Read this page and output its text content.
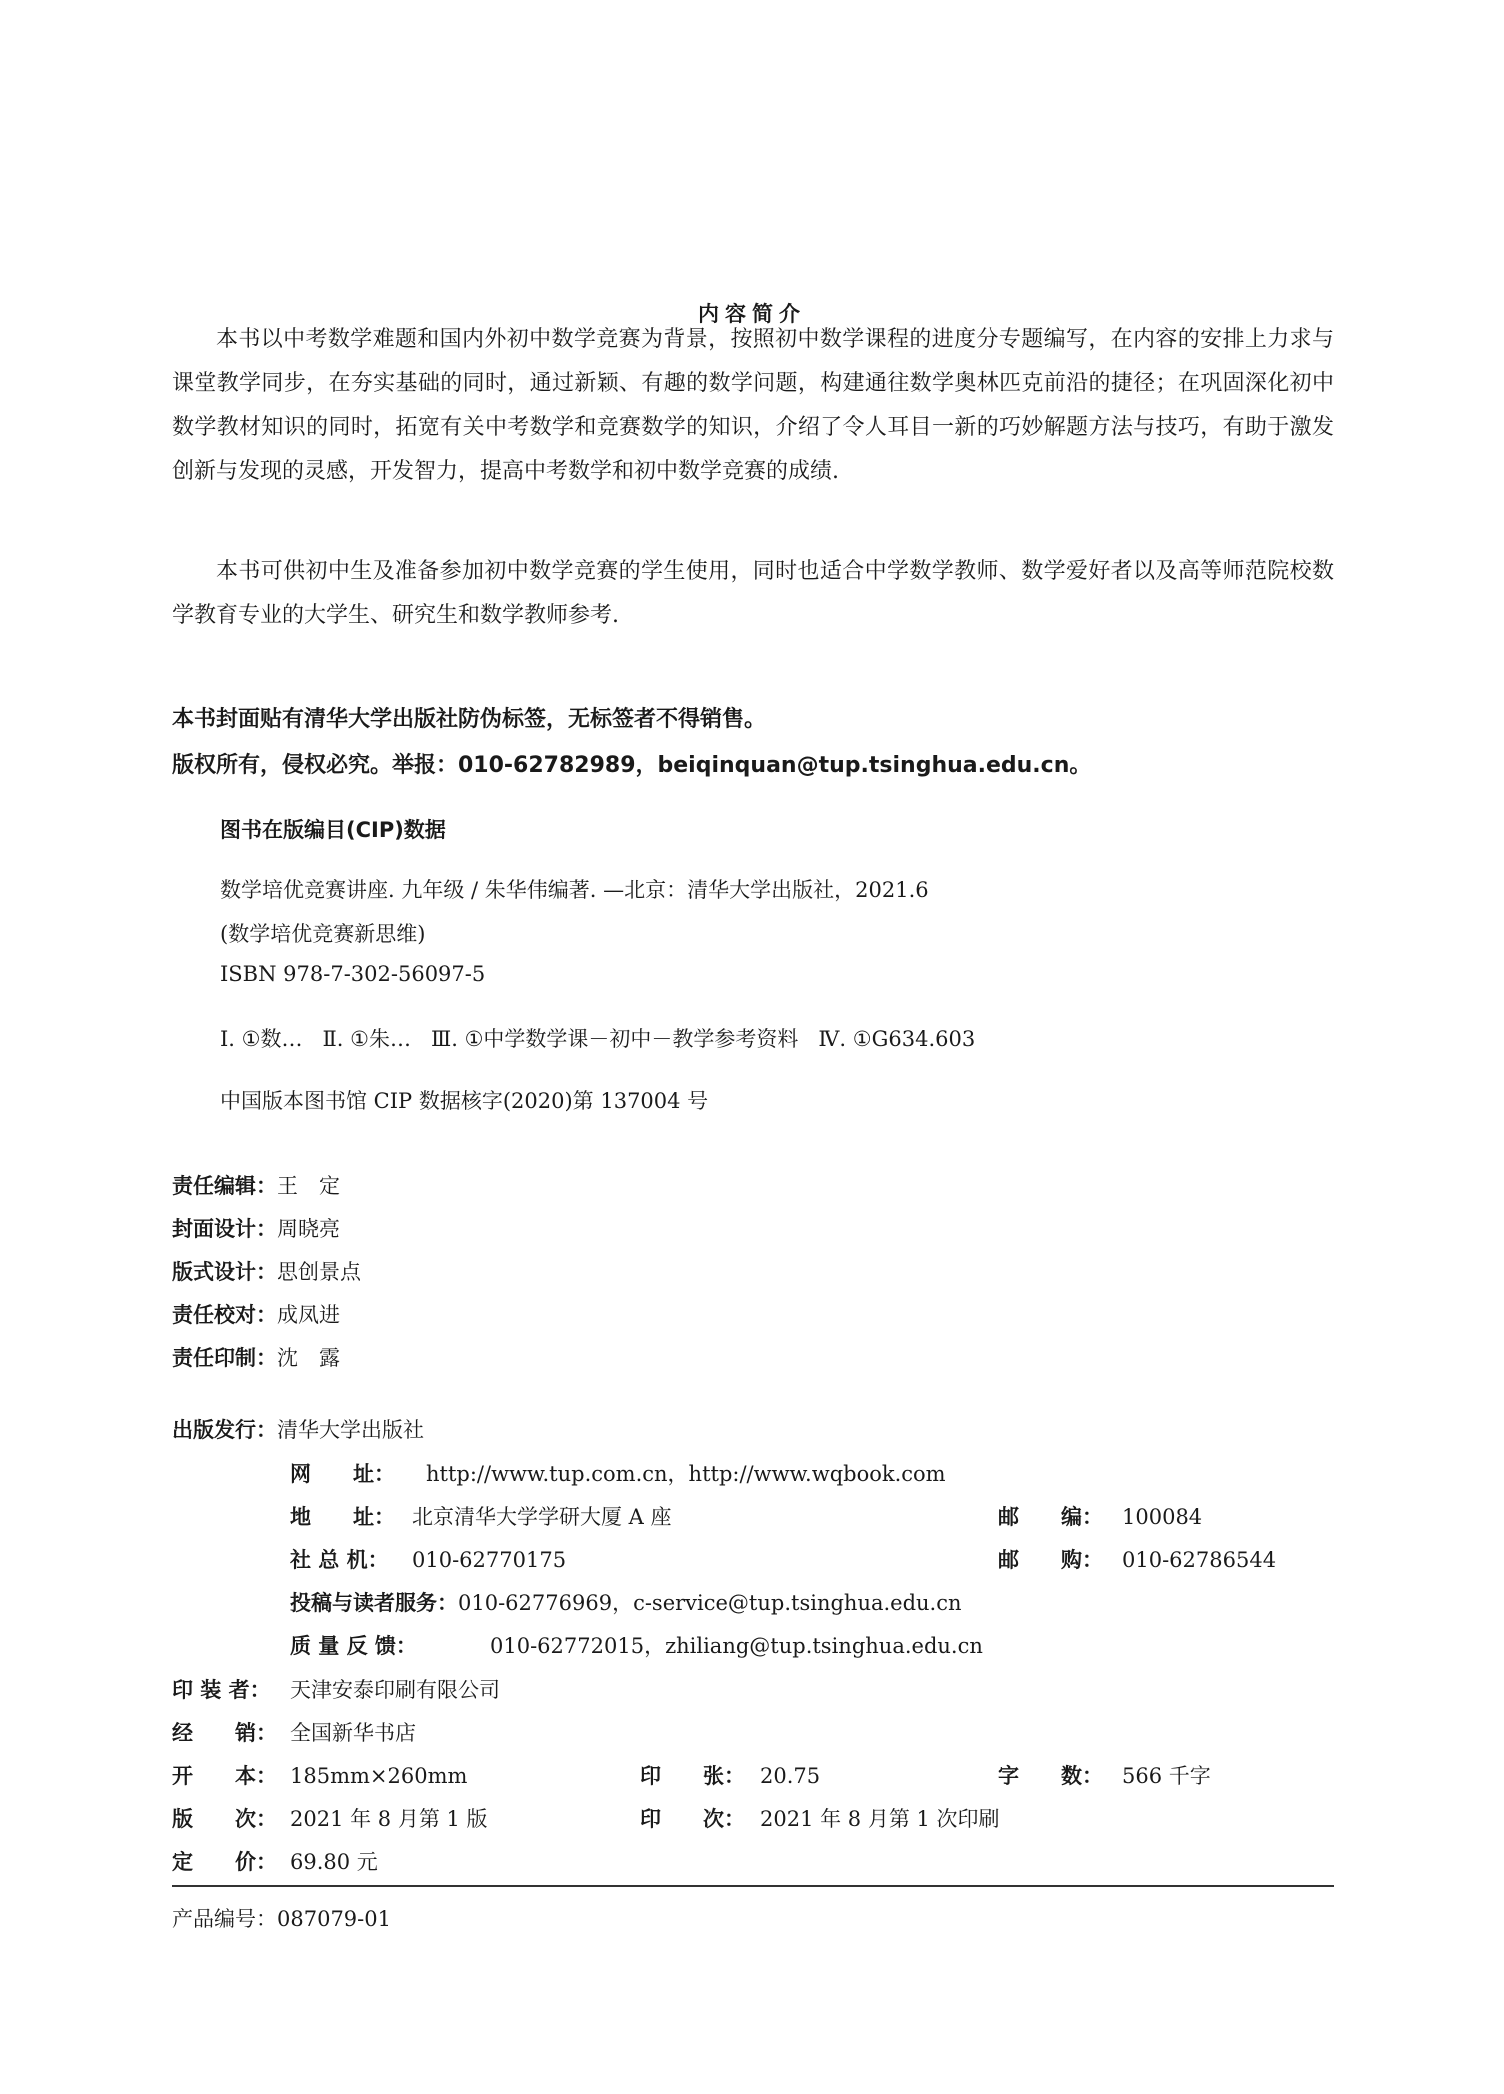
内容简介

本书以中考数学难题和国内外初中数学竞赛为背景，按照初中数学课程的进度分专题编写，在内容的安排上力求与课堂教学同步，在夯实基础的同时，通过新颖、有趣的数学问题，构建通往数学奥林匹克前沿的捷径；在巩固深化初中数学教材知识的同时，拓宽有关中考数学和竞赛数学的知识，介绍了令人耳目一新的巧妙解题方法与技巧，有助于激发创新与发现的灵感，开发智力，提高中考数学和初中数学竞赛的成绩.

本书可供初中生及准备参加初中数学竞赛的学生使用，同时也适合中学数学教师、数学爱好者以及高等师范院校数学教育专业的大学生、研究生和数学教师参考.

本书封面贴有清华大学出版社防伪标签，无标签者不得销售。
版权所有，侵权必究。举报：010-62782989，beiqinquan@tup.tsinghua.edu.cn。
图书在版编目(CIP)数据
数学培优竞赛讲座. 九年级 / 朱华伟编著. —北京：清华大学出版社，2021.6
(数学培优竞赛新思维)
ISBN 978-7-302-56097-5
Ⅰ. ①数…   Ⅱ. ①朱…   Ⅲ. ①中学数学课－初中－教学参考资料   Ⅳ. ①G634.603
中国版本图书馆 CIP 数据核字(2020)第 137004 号
责任编辑：王　定
封面设计：周晓亮
版式设计：思创景点
责任校对：成凤进
责任印制：沈　露
出版发行：清华大学出版社
网　　址： http://www.tup.com.cn，http://www.wqbook.com
地　　址： 北京清华大学学研大厦 A 座	邮　　编： 100084
社 总 机： 010-62770175	邮　　购： 010-62786544
投稿与读者服务：010-62776969，c-service@tup.tsinghua.edu.cn
质 量 反 馈：	010-62772015，zhiliang@tup.tsinghua.edu.cn
印 装 者： 天津安泰印刷有限公司
经　　销： 全国新华书店
开　　本： 185mm×260mm	印　　张： 20.75	字　　数： 566 千字
版　　次： 2021 年 8 月第 1 版	印　　次： 2021 年 8 月第 1 次印刷
定　　价： 69.80 元
产品编号：087079-01
